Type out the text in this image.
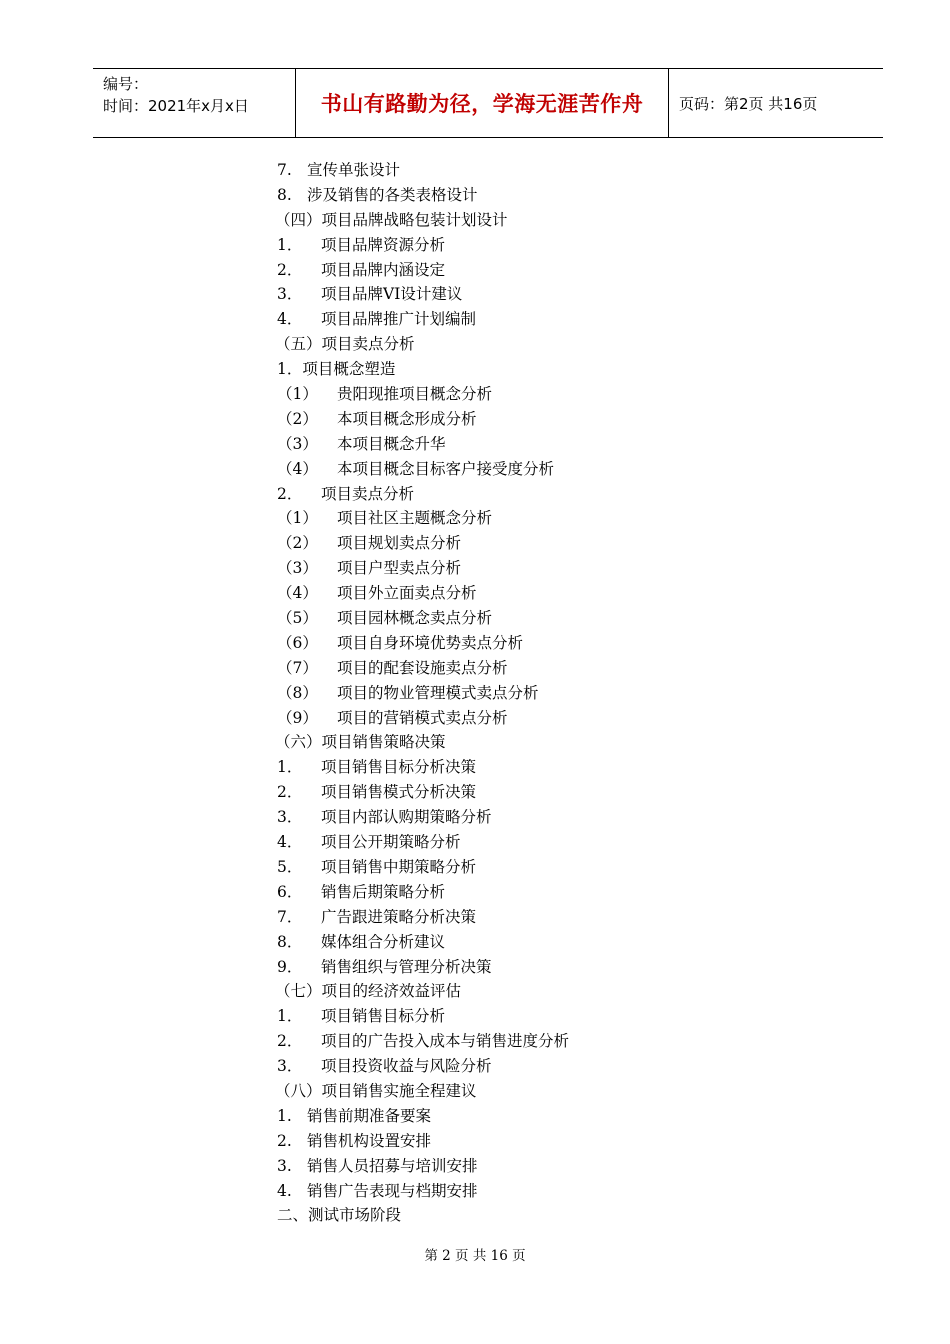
编号：
时间：2021年x月x日	书山有路勤为径，学海无涯苦作舟 页码：第2页 共16页
7. 宣传单张设计
8. 涉及销售的各类表格设计
（四）项目品牌战略包装计划设计
1． 项目品牌资源分析
2． 项目品牌内涵设定
3． 项目品牌VI设计建议
4． 项目品牌推广计划编制
（五）项目卖点分析
1．项目概念塑造
（1） 贵阳现推项目概念分析
（2） 本项目概念形成分析
（3） 本项目概念升华
（4） 本项目概念目标客户接受度分析
2． 项目卖点分析
（1） 项目社区主题概念分析
（2） 项目规划卖点分析
（3） 项目户型卖点分析
（4） 项目外立面卖点分析
（5） 项目园林概念卖点分析
（6） 项目自身环境优势卖点分析
（7） 项目的配套设施卖点分析
（8） 项目的物业管理模式卖点分析
（9） 项目的营销模式卖点分析
（六）项目销售策略决策
1． 项目销售目标分析决策
2． 项目销售模式分析决策
3． 项目内部认购期策略分析
4． 项目公开期策略分析
5． 项目销售中期策略分析
6． 销售后期策略分析
7． 广告跟进策略分析决策
8． 媒体组合分析建议
9． 销售组织与管理分析决策
（七）项目的经济效益评估
1． 项目销售目标分析
2． 项目的广告投入成本与销售进度分析
3． 项目投资收益与风险分析
（八）项目销售实施全程建议
1. 销售前期准备要案
2. 销售机构设置安排
3. 销售人员招募与培训安排
4. 销售广告表现与档期安排
二、测试市场阶段
第 2 页 共 16 页
